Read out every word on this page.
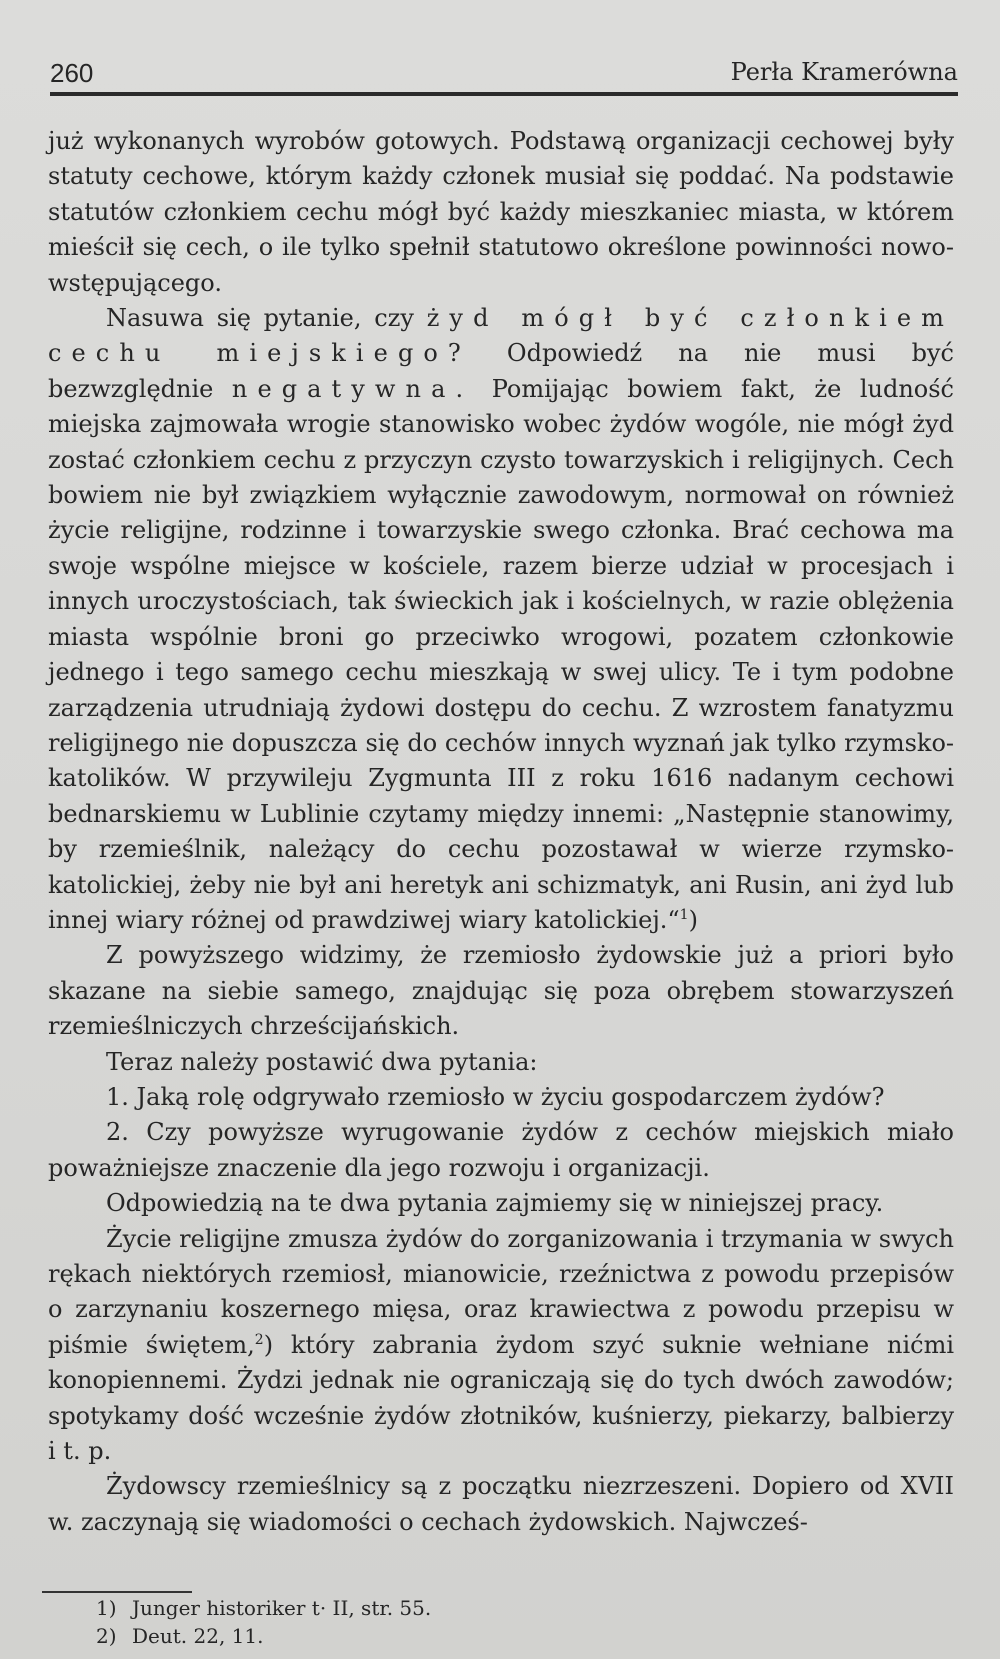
260	Perła Kramerówna

już wykonanych wyrobów gotowych. Podstawą organizacji cechowej były statuty cechowe, którym każdy członek musiał się poddać. Na podstawie statutów członkiem cechu mógł być każdy mieszkaniec miasta, w którem mieścił się cech, o ile tylko spełnił statutowo określone powinności nowo-wstępującego.

Nasuwa się pytanie, czy żyd mógł być członkiem cechu miejskiego? Odpowiedź na nie musi być bezwzględnie negatywna. Pomijając bowiem fakt, że ludność miejska zajmowała wrogie stanowisko wobec żydów wogóle, nie mógł żyd zostać członkiem cechu z przyczyn czysto towarzyskich i religijnych. Cech bowiem nie był związkiem wyłącznie zawodowym, normował on również życie religijne, rodzinne i towarzyskie swego członka. Brać cechowa ma swoje wspólne miejsce w kościele, razem bierze udział w procesjach i innych uroczystościach, tak świeckich jak i kościelnych, w razie oblężenia miasta wspólnie broni go przeciwko wrogowi, pozatem członkowie jednego i tego samego cechu mieszkają w swej ulicy. Te i tym podobne zarządzenia utrudniają żydowi dostępu do cechu. Z wzrostem fanatyzmu religijnego nie dopuszcza się do cechów innych wyznań jak tylko rzymsko-katolików. W przywileju Zygmunta III z roku 1616 nadanym cechowi bednarskiemu w Lublinie czytamy między innemi: „Następnie stanowimy, by rzemieślnik, należący do cechu pozostawał w wierze rzymsko-katolickiej, żeby nie był ani heretyk ani schizmatyk, ani Rusin, ani żyd lub innej wiary różnej od prawdziwej wiary katolickiej.“$^1$)

Z powyższego widzimy, że rzemiosło żydowskie już a priori było skazane na siebie samego, znajdując się poza obrębem stowarzyszeń rzemieślniczych chrześcijańskich.

Teraz należy postawić dwa pytania:

1. Jaką rolę odgrywało rzemiosło w życiu gospodarczem żydów?

2. Czy powyższe wyrugowanie żydów z cechów miejskich miało poważniejsze znaczenie dla jego rozwoju i organizacji.

Odpowiedzią na te dwa pytania zajmiemy się w niniejszej pracy.

Życie religijne zmusza żydów do zorganizowania i trzymania w swych rękach niektórych rzemiosł, mianowicie, rzeźnictwa z powodu przepisów o zarzynaniu koszernego mięsa, oraz krawiectwa z powodu przepisu w piśmie świętem,$^2$) który zabrania żydom szyć suknie wełniane nićmi konopiennemi. Żydzi jednak nie ograniczają się do tych dwóch zawodów; spotykamy dość wcześnie żydów złotników, kuśnierzy, piekarzy, balbierzy i t. p.

Żydowscy rzemieślnicy są z początku niezrzeszeni. Dopiero od XVII w. zaczynają się wiadomości o cechach żydowskich. Najwcześ-

1) Junger historiker t· II, str. 55.
2) Deut. 22, 11.
